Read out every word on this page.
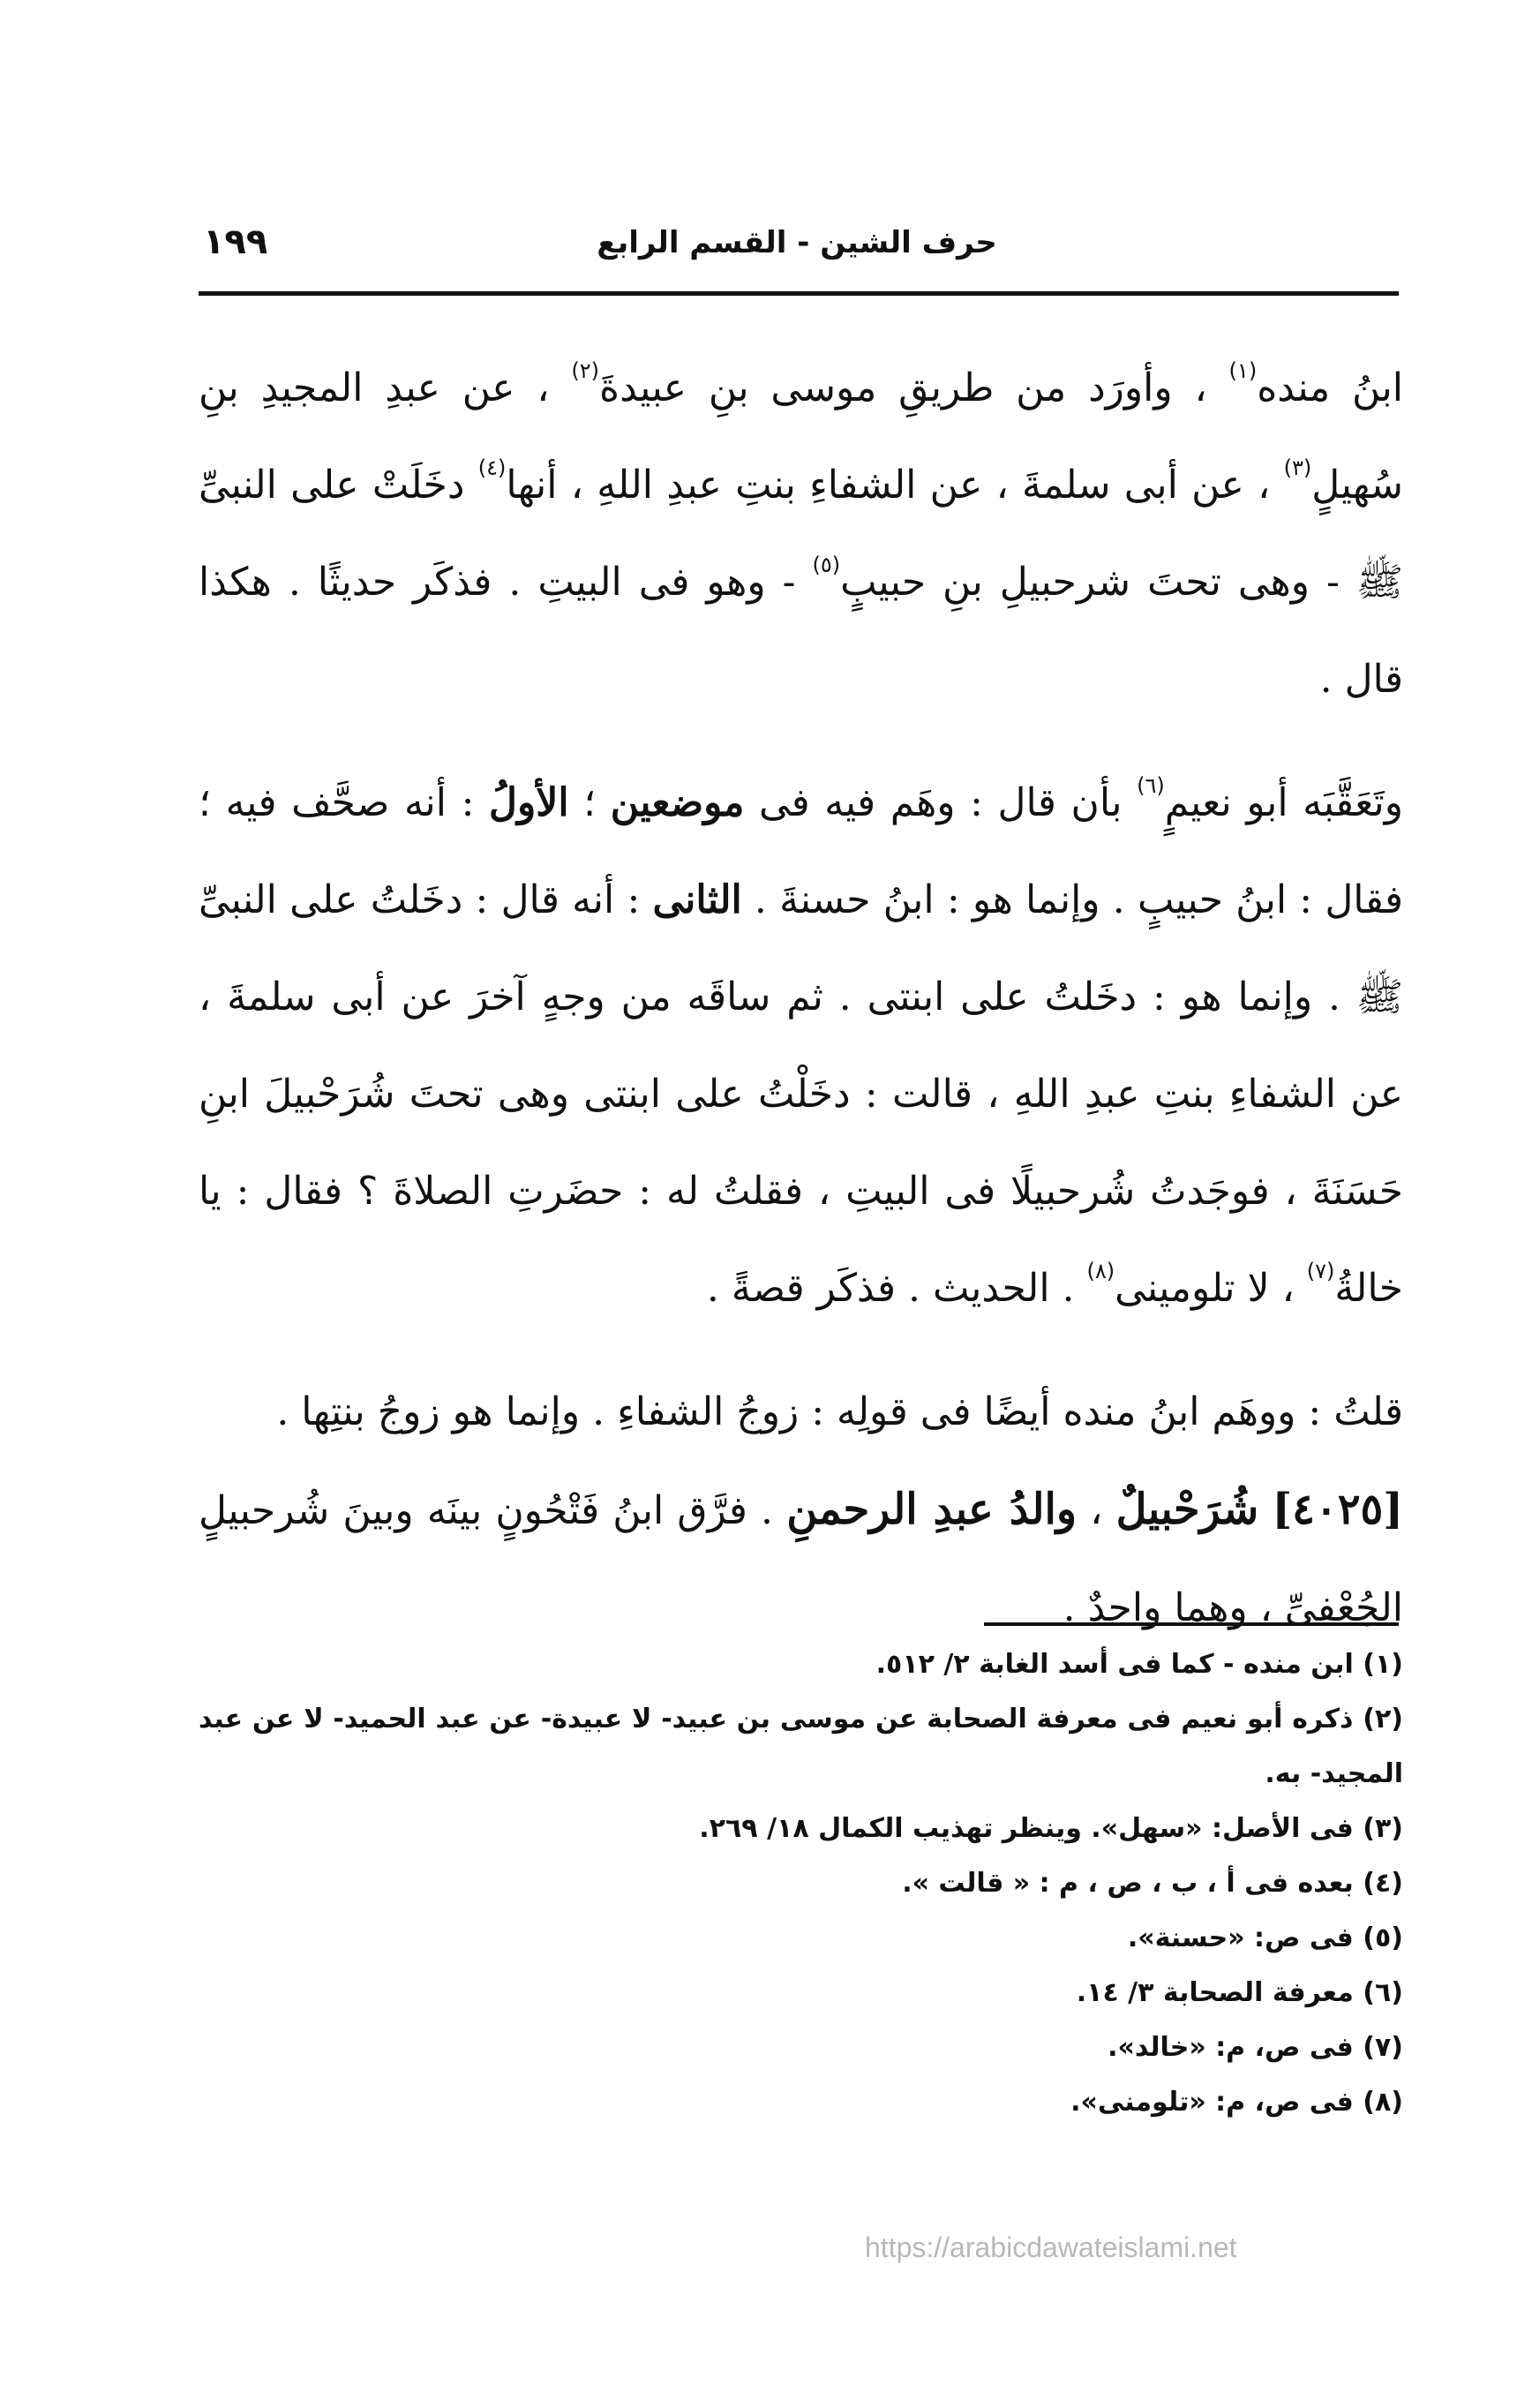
حرف الشين - القسم الرابع
١٩٩

ابنُ منده$^{(١)}$ ، وأورَد من طريقِ موسى بنِ عبيدةَ$^{(٢)}$ ، عن عبدِ المجيدِ بنِ سُهيلٍ$^{(٣)}$ ، عن أبى سلمةَ ، عن الشفاءِ بنتِ عبدِ اللهِ ، أنها$^{(٤)}$ دخَلَتْ على النبىِّ ﷺ - وهى تحتَ شرحبيلِ بنِ حبيبٍ$^{(٥)}$ - وهو فى البيتِ . فذكَر حديثًا . هكذا قال .

وتَعَقَّبَه أبو نعيمٍ$^{(٦)}$ بأن قال : وهَم فيه فى موضعين ؛ الأولُ : أنه صحَّف فيه ؛ فقال : ابنُ حبيبٍ . وإنما هو : ابنُ حسنةَ . الثانى : أنه قال : دخَلتُ على النبىِّ ﷺ . وإنما هو : دخَلتُ على ابنتى . ثم ساقَه من وجهٍ آخرَ عن أبى سلمةَ ، عن الشفاءِ بنتِ عبدِ اللهِ ، قالت : دخَلْتُ على ابنتى وهى تحتَ شُرَحْبيلَ ابنِ حَسَنَةَ ، فوجَدتُ شُرحبيلًا فى البيتِ ، فقلتُ له : حضَرتِ الصلاةَ ؟ فقال : يا خالةُ$^{(٧)}$ ، لا تلومينى$^{(٨)}$ . الحديث . فذكَر قصةً .

قلتُ : ووهَم ابنُ منده أيضًا فى قولِه : زوجُ الشفاءِ . وإنما هو زوجُ بنتِها .

[٤٠٢٥] شُرَحْبيلٌ ، والدُ عبدِ الرحمنِ . فرَّق ابنُ فَتْحُونٍ بينَه وبينَ شُرحبيلٍ الجُعْفىِّ ، وهما واحدٌ .

(١) ابن منده - كما فى أسد الغابة ٢/ ٥١٢.

(٢) ذكره أبو نعيم فى معرفة الصحابة عن موسى بن عبيد- لا عبيدة- عن عبد الحميد- لا عن عبد المجيد- به.

(٣) فى الأصل: «سهل». وينظر تهذيب الكمال ١٨/ ٢٦٩.

(٤) بعده فى أ ، ب ، ص ، م : « قالت ».

(٥) فى ص: «حسنة».

(٦) معرفة الصحابة ٣/ ١٤.

(٧) فى ص، م: «خالد».

(٨) فى ص، م: «تلومنى».

https://arabicdawateislami.net
